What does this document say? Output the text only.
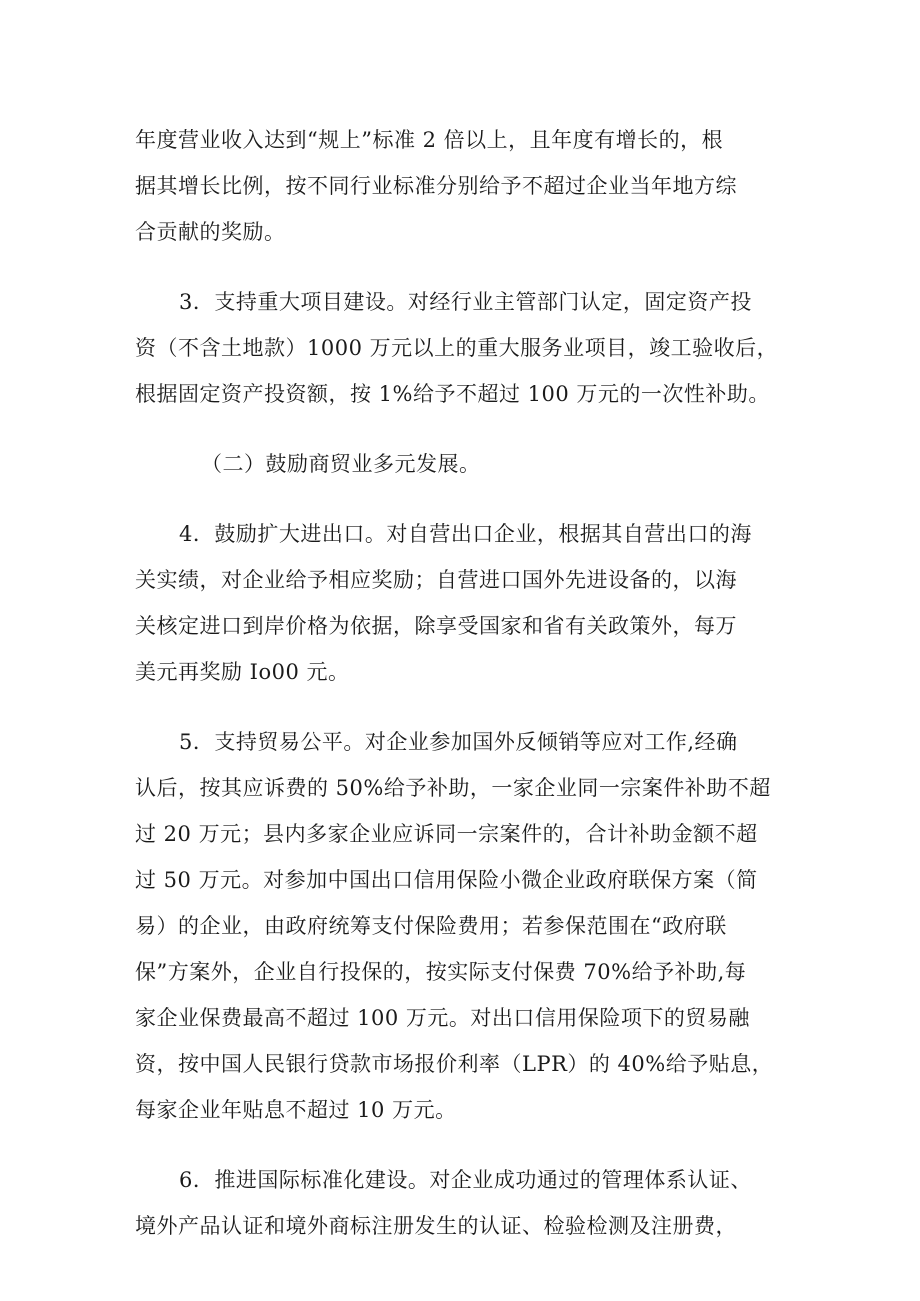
年度营业收入达到“规上”标准 2 倍以上，且年度有增长的，根
据其增长比例，按不同行业标准分别给予不超过企业当年地方综
合贡献的奖励。
3．支持重大项目建设。对经行业主管部门认定，固定资产投
资（不含土地款）1000 万元以上的重大服务业项目，竣工验收后，
根据固定资产投资额，按 1%给予不超过 100 万元的一次性补助。
（二）鼓励商贸业多元发展。
4．鼓励扩大进出口。对自营出口企业，根据其自营出口的海
关实绩，对企业给予相应奖励；自营进口国外先进设备的，以海
关核定进口到岸价格为依据，除享受国家和省有关政策外，每万
美元再奖励 Io00 元。
5．支持贸易公平。对企业参加国外反倾销等应对工作,经确
认后，按其应诉费的 50%给予补助，一家企业同一宗案件补助不超
过 20 万元；县内多家企业应诉同一宗案件的，合计补助金额不超
过 50 万元。对参加中国出口信用保险小微企业政府联保方案（简
易）的企业，由政府统筹支付保险费用；若参保范围在“政府联
保”方案外，企业自行投保的，按实际支付保费 70%给予补助,每
家企业保费最高不超过 100 万元。对出口信用保险项下的贸易融
资，按中国人民银行贷款市场报价利率（LPR）的 40%给予贴息，
每家企业年贴息不超过 10 万元。
6．推进国际标准化建设。对企业成功通过的管理体系认证、
境外产品认证和境外商标注册发生的认证、检验检测及注册费，
